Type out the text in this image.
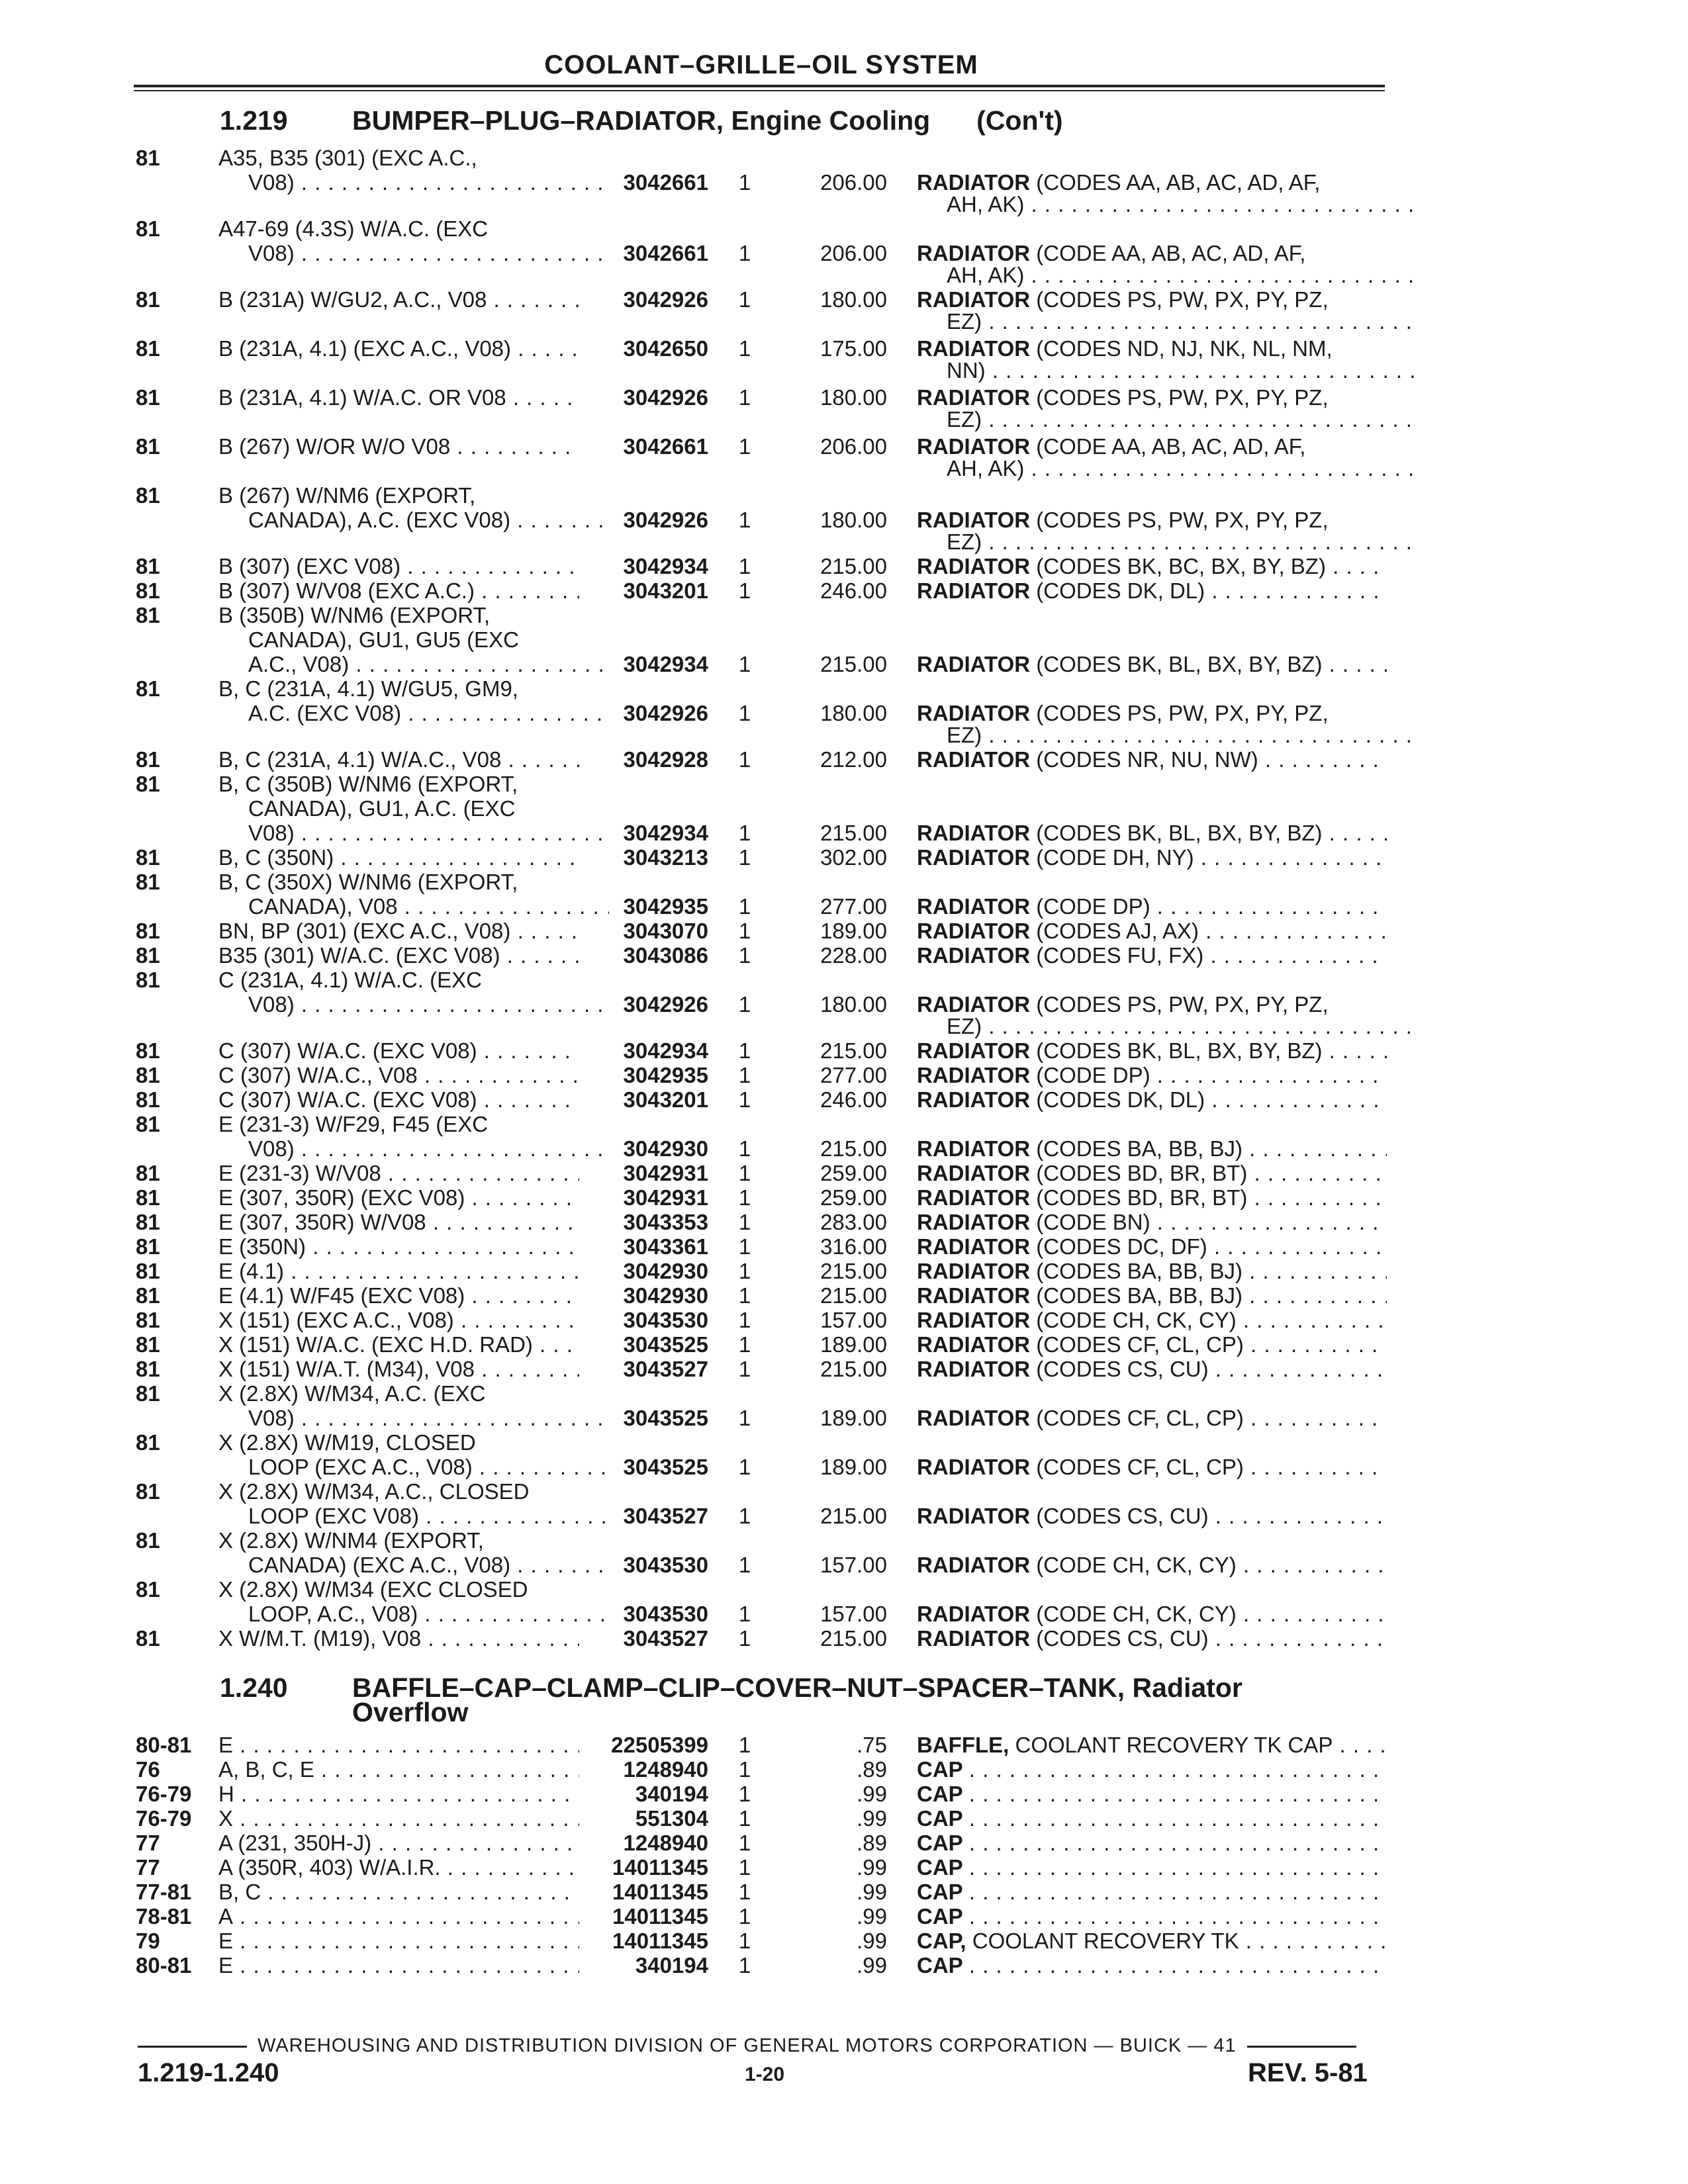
COOLANT–GRILLE–OIL SYSTEM
1.219 BUMPER–PLUG–RADIATOR, Engine Cooling (Con't)
1.240	BAFFLE–CAP–CLAMP–CLIP–COVER–NUT–SPACER–TANK, Radiator Overflow
81	A35, B35 (301) (EXC A.C.,
V08) . . .	3042661	1	206.00 RADIATOR (CODES AA, AB, AC, AD, AF,
AH, AK) . . .
81	A47-69 (4.3S) W/A.C. (EXC
V08) . . .	3042661	1	206.00 RADIATOR (CODE AA, AB, AC, AD, AF,
AH, AK) . . .
81	B (231A) W/GU2, A.C., V08 . . .	3042926	1	180.00 RADIATOR (CODES PS, PW, PX, PY, PZ,
EZ) . . .
81	B (231A, 4.1) (EXC A.C., V08) . . .	3042650	1	175.00 RADIATOR (CODES ND, NJ, NK, NL, NM,
NN) . . .
81	B (231A, 4.1) W/A.C. OR V08 . . .	3042926	1	180.00 RADIATOR (CODES PS, PW, PX, PY, PZ,
EZ) . . .
81	B (267) W/OR W/O V08 . . .	3042661	1	206.00 RADIATOR (CODE AA, AB, AC, AD, AF,
AH, AK) . . .
81	B (267) W/NM6 (EXPORT,
CANADA), A.C. (EXC V08) . . .	3042926	1	180.00 RADIATOR (CODES PS, PW, PX, PY, PZ,
EZ) . . .
81	B (307) (EXC V08) . . .	3042934	1	215.00 RADIATOR (CODES BK, BC, BX, BY, BZ) . . .
81	B (307) W/V08 (EXC A.C.) . . .	3043201	1	246.00 RADIATOR (CODES DK, DL) . . .
81	B (350B) W/NM6 (EXPORT,
CANADA), GU1, GU5 (EXC
A.C., V08) . . .	3042934	1	215.00 RADIATOR (CODES BK, BL, BX, BY, BZ) . . .
81	B, C (231A, 4.1) W/GU5, GM9,
A.C. (EXC V08) . . .	3042926	1	180.00 RADIATOR (CODES PS, PW, PX, PY, PZ,
EZ) . . .
81	B, C (231A, 4.1) W/A.C., V08 . . .	3042928	1	212.00 RADIATOR (CODES NR, NU, NW) . . .
81	B, C (350B) W/NM6 (EXPORT,
CANADA), GU1, A.C. (EXC
V08) . . .	3042934	1	215.00 RADIATOR (CODES BK, BL, BX, BY, BZ) . . .
81	B, C (350N) . . .	3043213	1	302.00 RADIATOR (CODE DH, NY) . . .
81	B, C (350X) W/NM6 (EXPORT,
CANADA), V08 . . .	3042935	1	277.00 RADIATOR (CODE DP) . . .
81	BN, BP (301) (EXC A.C., V08) . . .	3043070	1	189.00 RADIATOR (CODES AJ, AX) . . .
81	B35 (301) W/A.C. (EXC V08) . . .	3043086	1	228.00 RADIATOR (CODES FU, FX) . . .
81	C (231A, 4.1) W/A.C. (EXC
V08) . . .	3042926	1	180.00 RADIATOR (CODES PS, PW, PX, PY, PZ,
EZ) . . .
81	C (307) W/A.C. (EXC V08) . . .	3042934	1	215.00 RADIATOR (CODES BK, BL, BX, BY, BZ) . . .
81	C (307) W/A.C., V08 . . .	3042935	1	277.00 RADIATOR (CODE DP) . . .
81	C (307) W/A.C. (EXC V08) . . .	3043201	1	246.00 RADIATOR (CODES DK, DL) . . .
81	E (231-3) W/F29, F45 (EXC
V08) . . .	3042930	1	215.00 RADIATOR (CODES BA, BB, BJ) . . .
81	E (231-3) W/V08 . . .	3042931	1	259.00 RADIATOR (CODES BD, BR, BT) . . .
81	E (307, 350R) (EXC V08) . . .	3042931	1	259.00 RADIATOR (CODES BD, BR, BT) . . .
81	E (307, 350R) W/V08 . . .	3043353	1	283.00 RADIATOR (CODE BN) . . .
81	E (350N) . . .	3043361	1	316.00 RADIATOR (CODES DC, DF) . . .
81	E (4.1) . . .	3042930	1	215.00 RADIATOR (CODES BA, BB, BJ) . . .
81	E (4.1) W/F45 (EXC V08) . . .	3042930	1	215.00 RADIATOR (CODES BA, BB, BJ) . . .
81	X (151) (EXC A.C., V08) . . .	3043530	1	157.00 RADIATOR (CODE CH, CK, CY) . . .
81	X (151) W/A.C. (EXC H.D. RAD) . . .	3043525	1	189.00 RADIATOR (CODES CF, CL, CP) . . .
81	X (151) W/A.T. (M34), V08 . . .	3043527	1	215.00 RADIATOR (CODES CS, CU) . . .
81	X (2.8X) W/M34, A.C. (EXC
V08) . . .	3043525	1	189.00 RADIATOR (CODES CF, CL, CP) . . .
81	X (2.8X) W/M19, CLOSED
LOOP (EXC A.C., V08) . . .	3043525	1	189.00 RADIATOR (CODES CF, CL, CP) . . .
81	X (2.8X) W/M34, A.C., CLOSED
LOOP (EXC V08) . . .	3043527	1	215.00 RADIATOR (CODES CS, CU) . . .
81	X (2.8X) W/NM4 (EXPORT,
CANADA) (EXC A.C., V08) . . .	3043530	1	157.00 RADIATOR (CODE CH, CK, CY) . . .
81	X (2.8X) W/M34 (EXC CLOSED
LOOP, A.C., V08) . . .	3043530	1	157.00 RADIATOR (CODE CH, CK, CY) . . .
81	X W/M.T. (M19), V08 . . .	3043527	1	215.00 RADIATOR (CODES CS, CU) . . .
80-81 E . . .	22505399	1	.75 BAFFLE, COOLANT RECOVERY TK CAP . . .
76	A, B, C, E . . .	1248940	1	.89 CAP . . .
76-79 H . . .	340194	1	.99 CAP . . .
76-79 X . . .	551304	1	.99 CAP . . .
77	A (231, 350H-J) . . .	1248940	1	.89 CAP . . .
77	A (350R, 403) W/A.I.R. . . .	14011345	1	.99 CAP . . .
77-81 B, C . . .	14011345	1	.99 CAP . . .
78-81 A . . .	14011345	1	.99 CAP . . .
79	E . . .	14011345	1	.99 CAP, COOLANT RECOVERY TK . . .
80-81 E . . .	340194	1	.99 CAP . . .
WAREHOUSING AND DISTRIBUTION DIVISION OF GENERAL MOTORS CORPORATION — BUICK — 41
1.219-1.240	1-20	REV. 5-81
